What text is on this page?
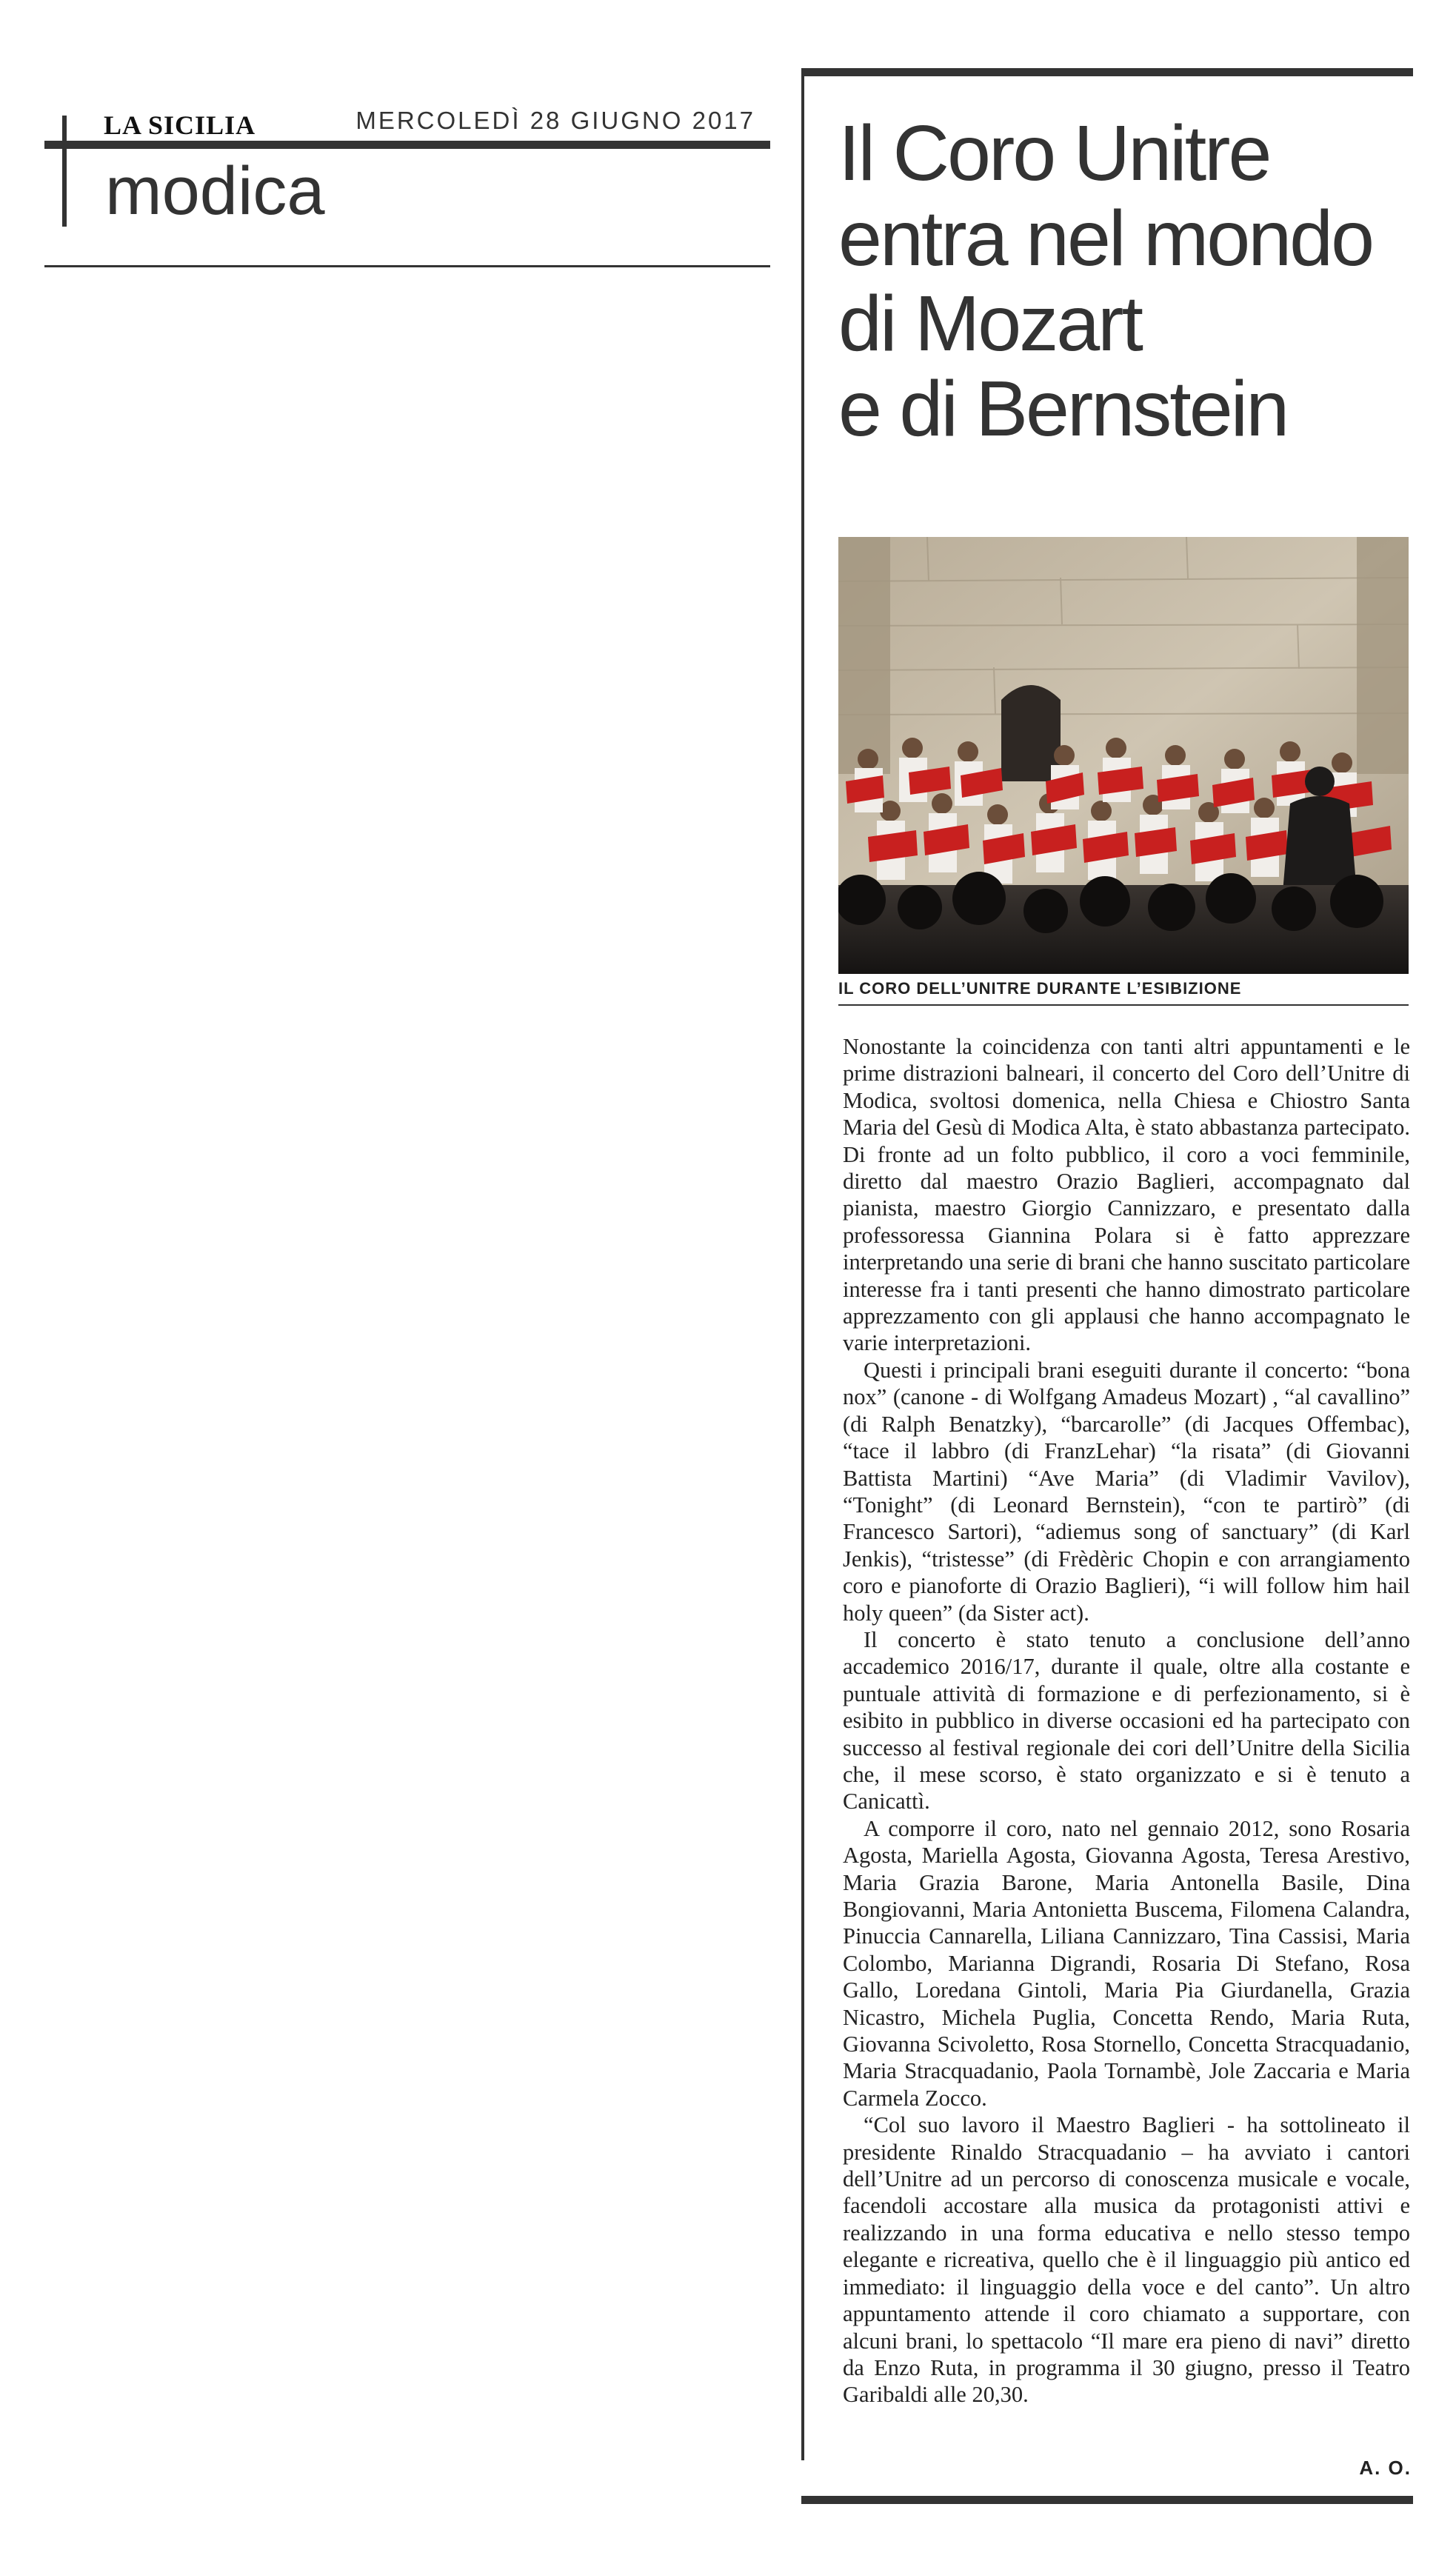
LA SICILIA	MERCOLEDÌ 28 GIUGNO 2017
modica	Il Coro Unitre
entra nel mondo
di Mozart
e di Bernstein
IL CORO DELL’UNITRE DURANTE L’ESIBIZIONE

Nonostante la coincidenza con tanti altri appuntamenti e le prime distrazioni balneari, il concerto del Coro dell’Unitre di Modica, svoltosi domenica, nella Chiesa e Chiostro Santa Maria del Gesù di Modica Alta, è stato abbastanza partecipato. Di fronte ad un folto pubblico, il coro a voci femminile, diretto dal maestro Orazio Baglieri, accompagnato dal pianista, maestro Giorgio Cannizzaro, e presentato dalla professoressa Giannina Polara si è fatto apprezzare interpretando una serie di brani che hanno suscitato particolare interesse fra i tanti presenti che hanno dimostrato particolare apprezzamento con gli applausi che hanno accompagnato le varie interpretazioni.

Questi i principali brani eseguiti durante il concerto: “bona nox” (canone - di Wolfgang Amadeus Mozart) , “al cavallino” (di Ralph Benatzky), “barcarolle” (di Jacques Offembac), “tace il labbro (di FranzLehar) “la risata” (di Giovanni Battista Martini) “Ave Maria” (di Vladimir Vavilov), “Tonight” (di Leonard Bernstein), “con te partirò” (di Francesco Sartori), “adiemus song of sanctuary” (di Karl Jenkis), “tristesse” (di Frèdèric Chopin e con arrangiamento coro e pianoforte di Orazio Baglieri), “i will follow him hail holy queen” (da Sister act).

Il concerto è stato tenuto a conclusione dell’anno accademico 2016/17, durante il quale, oltre alla costante e puntuale attività di formazione e di perfezionamento, si è esibito in pubblico in diverse occasioni ed ha partecipato con successo al festival regionale dei cori dell’Unitre della Sicilia che, il mese scorso, è stato organizzato e si è tenuto a Canicattì.

A comporre il coro, nato nel gennaio 2012, sono Rosaria Agosta, Mariella Agosta, Giovanna Agosta, Teresa Arestivo, Maria Grazia Barone, Maria Antonella Basile, Dina Bongiovanni, Maria Antonietta Buscema, Filomena Calandra, Pinuccia Cannarella, Liliana Cannizzaro, Tina Cassisi, Maria Colombo, Marianna Digrandi, Rosaria Di Stefano, Rosa Gallo, Loredana Gintoli, Maria Pia Giurdanella, Grazia Nicastro, Michela Puglia, Concetta Rendo, Maria Ruta, Giovanna Scivoletto, Rosa Stornello, Concetta Stracquadanio, Maria Stracquadanio, Paola Tornambè, Jole Zaccaria e Maria Carmela Zocco.

“Col suo lavoro il Maestro Baglieri - ha sottolineato il presidente Rinaldo Stracquadanio – ha avviato i cantori dell’Unitre ad un percorso di conoscenza musicale e vocale, facendoli accostare alla musica da protagonisti attivi e realizzando in una forma educativa e nello stesso tempo elegante e ricreativa, quello che è il linguaggio più antico ed immediato: il linguaggio della voce e del canto”. Un altro appuntamento attende il coro chiamato a supportare, con alcuni brani, lo spettacolo “Il mare era pieno di navi” diretto da Enzo Ruta, in programma il 30 giugno, presso il Teatro Garibaldi alle 20,30.

A. O.
